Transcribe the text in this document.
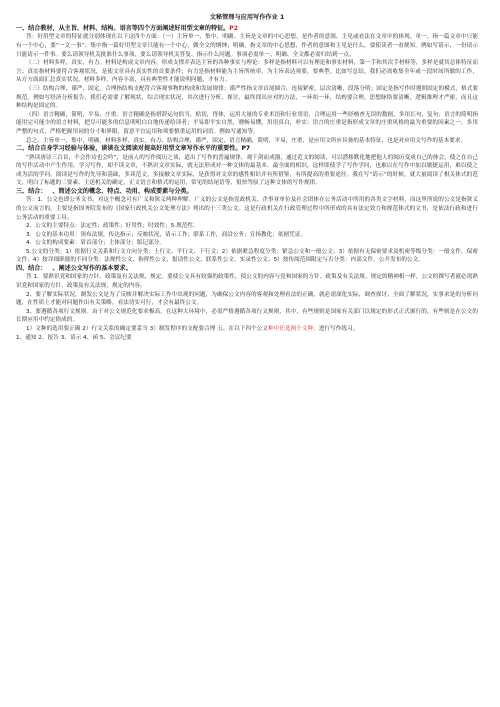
文秘管理与应用写作作业 1
一、结合教材，从主旨、材料、结构、语言等四个方面阐述好用型文章的特征。P2

答：好用型文章的特征就分别体现在以下这四个方面：（一）主旨单一、集中、明确。主旨是文章的中心思想，是作者的意图、主见或看法在文章中的体现。单一，指一篇文章中只能有一个中心，要“一文一事”；集中指一篇好用型文章只能有一个中心，做全文的纲绅；明确，指文章的中心思想、作者的意图和主见是什么，要使读者一看便知。例如写请示，一份请示只能请示一件事。要么请领导机关批准什么事项，要么请领导机关答复、指示什么问题。事项必需单一、明确、全文都必需归结到一点。

（二）材料多样，真实，有力。材料是构成文章内容，形成支撑并表达主旨的各种事实与理论：多样是指材料可以有理论和事实材料，第一手和其次手材料等，多样是就其总体特征而言；真实指材料要符合客观状况，是使文章具有真实性的首要条件；有力是指材料能为主旨所统率，为主旨表达须要，要典型。比如写总结，我们必需收集全年或一段时间所做的工作，从方方面面汇总真实状况，材料多样，内容丰富，具有典型性才能说明问题，才有力。

（三）结构合理，谨严，固定。合理指结构支配符合客观事物的构成和发展规律；谨严性指文章首尾圆合，连接紧密，层次清晰，段落分明；固定是指写作时遵照固定的模式，格式要规范。例如写经济分析报告，我们必需要了解现状、综合现实状况，其次进行分析、探讨，最终找出应对的方法，一环扣一环，结构要合理，思想脉络要清晰，逻辑推理才严密，而且这种结构是固定的。

（四）语言精确，简明，平易，庄重。语言精确是指措辞运句恰当，贴切，得体，运用大量的专业术语和行业用语，合理运用一些经核查无误的数据，多用长句，复句；语言的简明指能用完可能少的语言材料，把尽可能多的信息明明白白地传递给读者；平易即平实自然，晓畅易懂，用语真白，朴实；语言的庄重是指形成文章的庄重风格的最为重要的因素之一，多用严整的句式，严格把握用词的分寸和界限，留意不宜运用和须要慎重运用的词语。例如写通知等。

总之，主旨单一，集中，明确，材料多样，真实，有力，结构合理，谨严，固定，语言精确，简明，平易，庄重，是应用文所应具备的基本特征，也是对应用文写作的基本要求。

二、结合自身学习经验与体验，谈谈在文阅读对提高好用型文章写作水平的重要性。P7

“熟读唐诗三百首，不会作诗也会吟”，是前人的写作阅历之谈，道出了写作的普遍规律。观千剑而成器，通过范文的阅读，可以潜移默化地把他人的阅历变成自己的体会，使之在自己的写作活动中产生作用，学习写作，却不读文章，不熟识文章实际，就无法形成对一种文体的最基本、最全面的相识，这样即使学了写作学问，也难以在写作中加以敏捷运用，难以使之成为活的学问。阅读是写作的先导和基础，多读范文，多接触文章实际，是获得对文章的感性相识并有所借鉴，有所提高的重要途径。我在写“请示”的时候，就大量阅读了相关体式的范文，明白了标题的三要素、主送机关的确定，正文语言和格式的运用，常见的结尾语等，很快驾驭了这种文体的写作规律。

三、结合： 、简述公文的概念、特点、功用、构成要素与分类。

答：1．公文也即公务文书，对这个概念可有广义和狭义两种理解。广义的公文是指党政机关、企事业单位及社会团体在公务活动中所用的各类文字材料，而这里所说的公文是指狭义的公文而言的，主要是指国务院发布的《国家行政机关公文处理方法》列出的十三类公文。这是行政机关在行政管理过程中所形成的具有法定效力和规范体式的文书，是依法行政和进行公务活动的重要工具。

2．公文的主要特点：法定性；政策性；好用性；时效性；5.规范性。

3．公文的基本功用：领布法规，传达指示；反映状况，请示工作；联系工作，商洽公务；宣扬教化；依据凭证。

4．公文的构成要素：眉首部分；主体部分；版记部分。

5.公文的分类：1）依据行文关系和行文方向分类：上行文、平行文、下行文；2）依据紧急程度分类：紧急公文和一般公文；3）依据有无保密要求及机密等级分类：一般文件、保密文件；4）按详细职能的不同分类：法规性公文、指挥性公文、报请性公文、联系性公文、实录性公文；5）按传阅范围限定与否分类：内部文件、公开发布的公文。

四、结合： 、阐述公文写作的基本要求。

答 1．要熟识党和国家的方针、政策及有关法规、规定。要使公文具有较强的政策性，使公文的内容与党和国家的方针、政策及有关法规、规定的精神相一样，公文的撰写者就必需熟识党和国家的方针、政策及有关法规、规定的内容。

2、要了解实际状况。制发公文是为了反映并解决实际工作中出现的问题，为确保公文内容的客观和处理看法的正确，就必需深化实际，调查探讨，全面了解状况，实事求是的分析问题，在性质上才能对问题作出有关策略，看法切实可行，才会有最终公文。

3、要遵循各项行文规则。由于对公文规范化要求极高，在这种大环境中，必需严格遵循各项行文规则，其中，有些规则是国家有关部门以规定的形式正式颁行的，有些则是在公文的长期应用中约定俗成的。

1）文种的选用要正确 2）行文关系的确定要妥当 3）制发程序的支配要合理 五、在以下四个公文种中任选两个文种，进行写作练习。

1、通知 2、报告 3、请示 4、函 5、会议纪要
